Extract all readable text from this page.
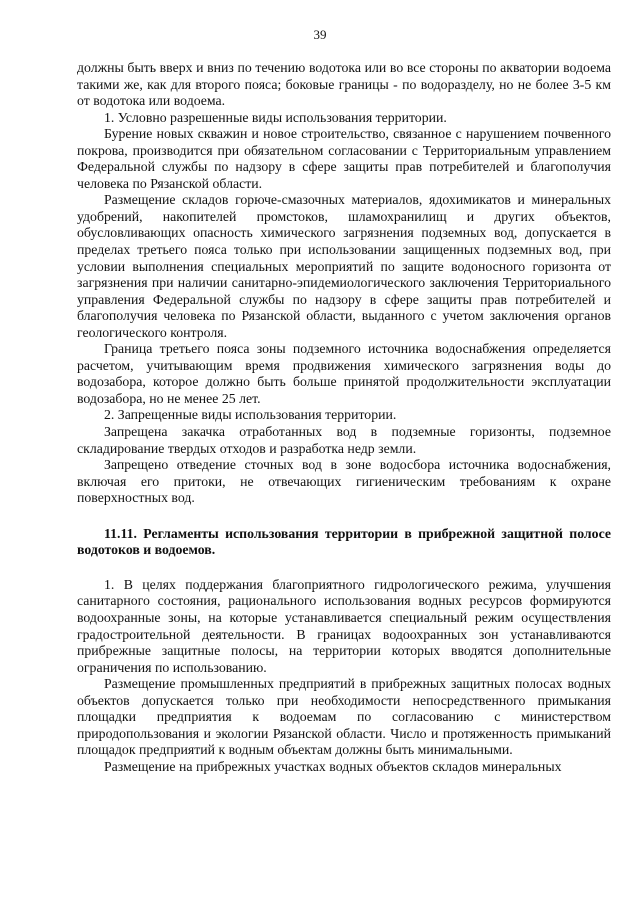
39

должны быть вверх и вниз по течению водотока или во все стороны по акватории водоема такими же, как для второго пояса; боковые границы - по водоразделу, но не более 3-5 км от водотока или водоема.

1. Условно разрешенные виды использования территории.

Бурение новых скважин и новое строительство, связанное с нарушением почвенного покрова, производится при обязательном согласовании с Территориальным управлением Федеральной службы по надзору в сфере защиты прав потребителей и благополучия человека по Рязанской области.

Размещение складов горюче-смазочных материалов, ядохимикатов и минеральных удобрений, накопителей промстоков, шламохранилищ и других объектов, обусловливающих опасность химического загрязнения подземных вод, допускается в пределах третьего пояса только при использовании защищенных подземных вод, при условии выполнения специальных мероприятий по защите водоносного горизонта от загрязнения при наличии санитарно-эпидемиологического заключения Территориального управления Федеральной службы по надзору в сфере защиты прав потребителей и благополучия человека по Рязанской области, выданного с учетом заключения органов геологического контроля.

Граница третьего пояса зоны подземного источника водоснабжения определяется расчетом, учитывающим время продвижения химического загрязнения воды до водозабора, которое должно быть больше принятой продолжительности эксплуатации водозабора, но не менее 25 лет.

2. Запрещенные виды использования территории.

Запрещена закачка отработанных вод в подземные горизонты, подземное складирование твердых отходов и разработка недр земли.

Запрещено отведение сточных вод в зоне водосбора источника водоснабжения, включая его притоки, не отвечающих гигиеническим требованиям к охране поверхностных вод.

11.11. Регламенты использования территории в прибрежной защитной полосе водотоков и водоемов.

1. В целях поддержания благоприятного гидрологического режима, улучшения санитарного состояния, рационального использования водных ресурсов формируются водоохранные зоны, на которые устанавливается специальный режим осуществления градостроительной деятельности. В границах водоохранных зон устанавливаются прибрежные защитные полосы, на территории которых вводятся дополнительные ограничения по использованию.

Размещение промышленных предприятий в прибрежных защитных полосах водных объектов допускается только при необходимости непосредственного примыкания площадки предприятия к водоемам по согласованию с министерством природопользования и экологии Рязанской области. Число и протяженность примыканий площадок предприятий к водным объектам должны быть минимальными.

Размещение на прибрежных участках водных объектов складов минеральных
